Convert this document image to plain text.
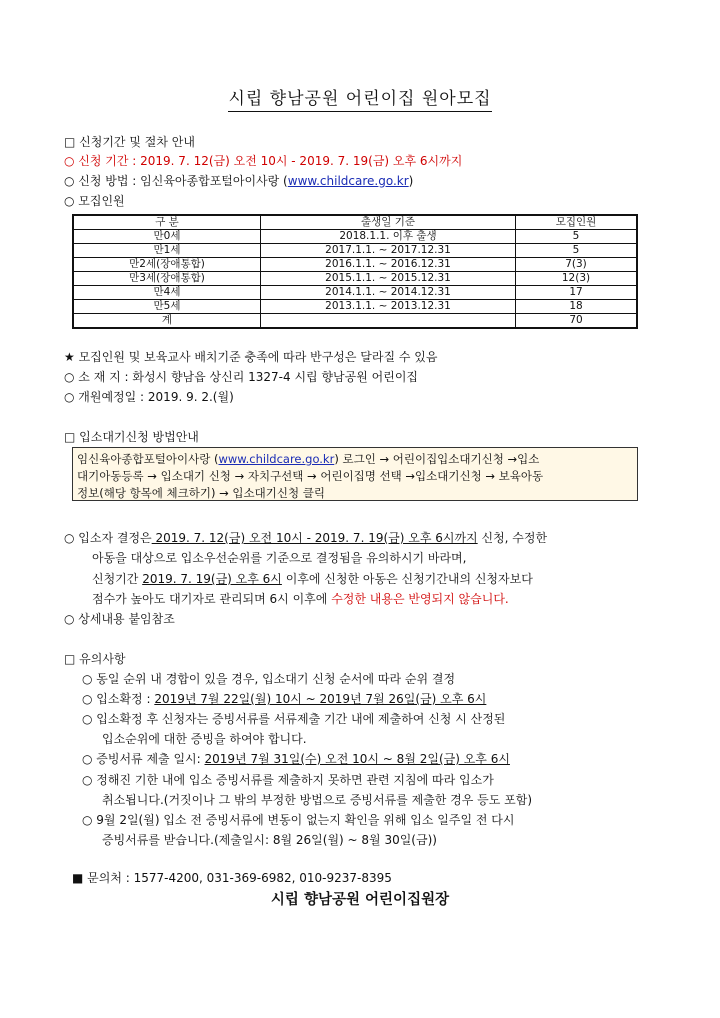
시립 향남공원 어린이집 원아모집
□ 신청기간 및 절차 안내
○ 신청 기간 : 2019. 7. 12(금) 오전 10시 - 2019. 7. 19(금) 오후 6시까지
○ 신청 방법 : 임신육아종합포털아이사랑 (www.childcare.go.kr)
○ 모집인원
구 분	출생일 기준	모집인원
만0세	2018.1.1. 이후 출생	5
만1세	2017.1.1. ~ 2017.12.31	5
만2세(장애통합)	2016.1.1. ~ 2016.12.31	7(3)
만3세(장애통합)	2015.1.1. ~ 2015.12.31	12(3)
만4세	2014.1.1. ~ 2014.12.31	17
만5세	2013.1.1. ~ 2013.12.31	18
계		70
★ 모집인원 및 보육교사 배치기준 충족에 따라 반구성은 달라질 수 있음
○ 소 재 지 : 화성시 향남읍 상신리 1327-4 시립 향남공원 어린이집
○ 개원예정일 : 2019. 9. 2.(월)
□ 입소대기신청 방법안내
임신육아종합포털아이사랑 (www.childcare.go.kr) 로그인 → 어린이집입소대기신청 →입소
대기아동등록 → 입소대기 신청 → 자치구선택 → 어린이집명 선택 →입소대기신청 → 보육아동
정보(해당 항목에 체크하기) → 입소대기신청 클릭
○ 입소자 결정은 2019. 7. 12(금) 오전 10시 - 2019. 7. 19(금) 오후 6시까지 신청, 수정한
아동을 대상으로 입소우선순위를 기준으로 결정됨을 유의하시기 바라며,
신청기간 2019. 7. 19(금) 오후 6시 이후에 신청한 아동은 신청기간내의 신청자보다
점수가 높아도 대기자로 관리되며 6시 이후에 수정한 내용은 반영되지 않습니다.
○ 상세내용 붙임참조
□ 유의사항
○ 동일 순위 내 경합이 있을 경우, 입소대기 신청 순서에 따라 순위 결정
○ 입소확정 : 2019년 7월 22일(월) 10시 ~ 2019년 7월 26일(금) 오후 6시
○ 입소확정 후 신청자는 증빙서류를 서류제출 기간 내에 제출하여 신청 시 산정된
입소순위에 대한 증빙을 하여야 합니다.
○ 증빙서류 제출 일시: 2019년 7월 31일(수) 오전 10시 ~ 8월 2일(금) 오후 6시
○ 정해진 기한 내에 입소 증빙서류를 제출하지 못하면 관련 지침에 따라 입소가
취소됩니다.(거짓이나 그 밖의 부정한 방법으로 증빙서류를 제출한 경우 등도 포함)
○ 9월 2일(월) 입소 전 증빙서류에 변동이 없는지 확인을 위해 입소 일주일 전 다시
증빙서류를 받습니다.(제출일시: 8월 26일(월) ~ 8월 30일(금))
■ 문의처 : 1577-4200, 031-369-6982, 010-9237-8395
시립 향남공원 어린이집원장
